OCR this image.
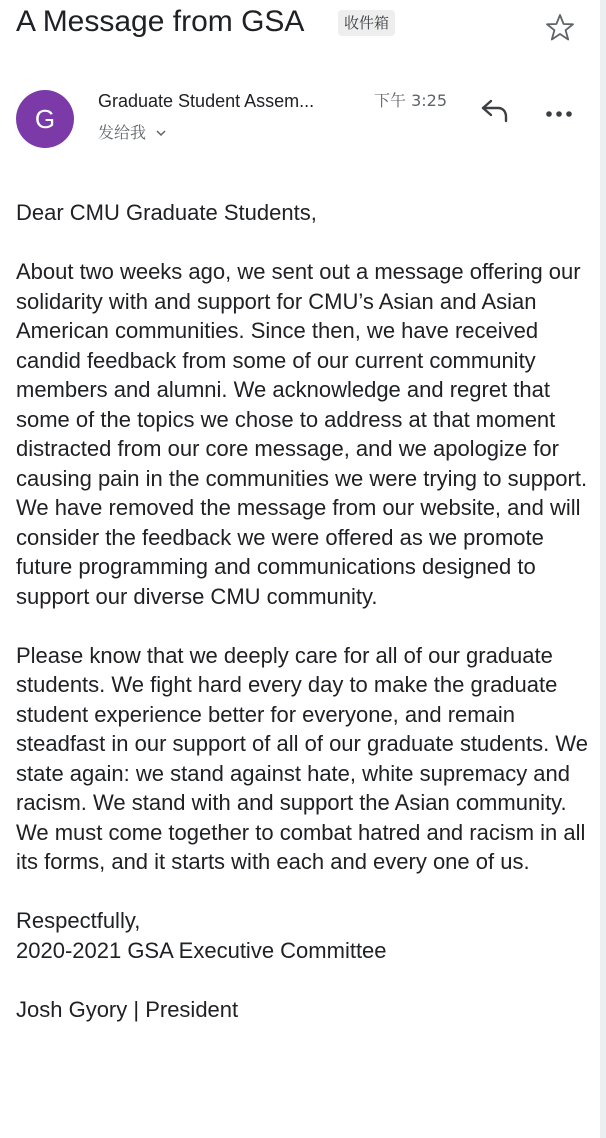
A Message from GSA	收件箱
G
Graduate Student Assem...	下午 3:25
发给我

Dear CMU Graduate Students,

About two weeks ago, we sent out a message offering our solidarity with and support for CMU’s Asian and Asian American communities. Since then, we have received candid feedback from some of our current community members and alumni. We acknowledge and regret that some of the topics we chose to address at that moment distracted from our core message, and we apologize for causing pain in the communities we were trying to support. We have removed the message from our website, and will consider the feedback we were offered as we promote future programming and communications designed to support our diverse CMU community.

Please know that we deeply care for all of our graduate students. We fight hard every day to make the graduate student experience better for everyone, and remain steadfast in our support of all of our graduate students. We state again: we stand against hate, white supremacy and racism. We stand with and support the Asian community. We must come together to combat hatred and racism in all its forms, and it starts with each and every one of us.

Respectfully,

2020-2021 GSA Executive Committee

Josh Gyory | President
